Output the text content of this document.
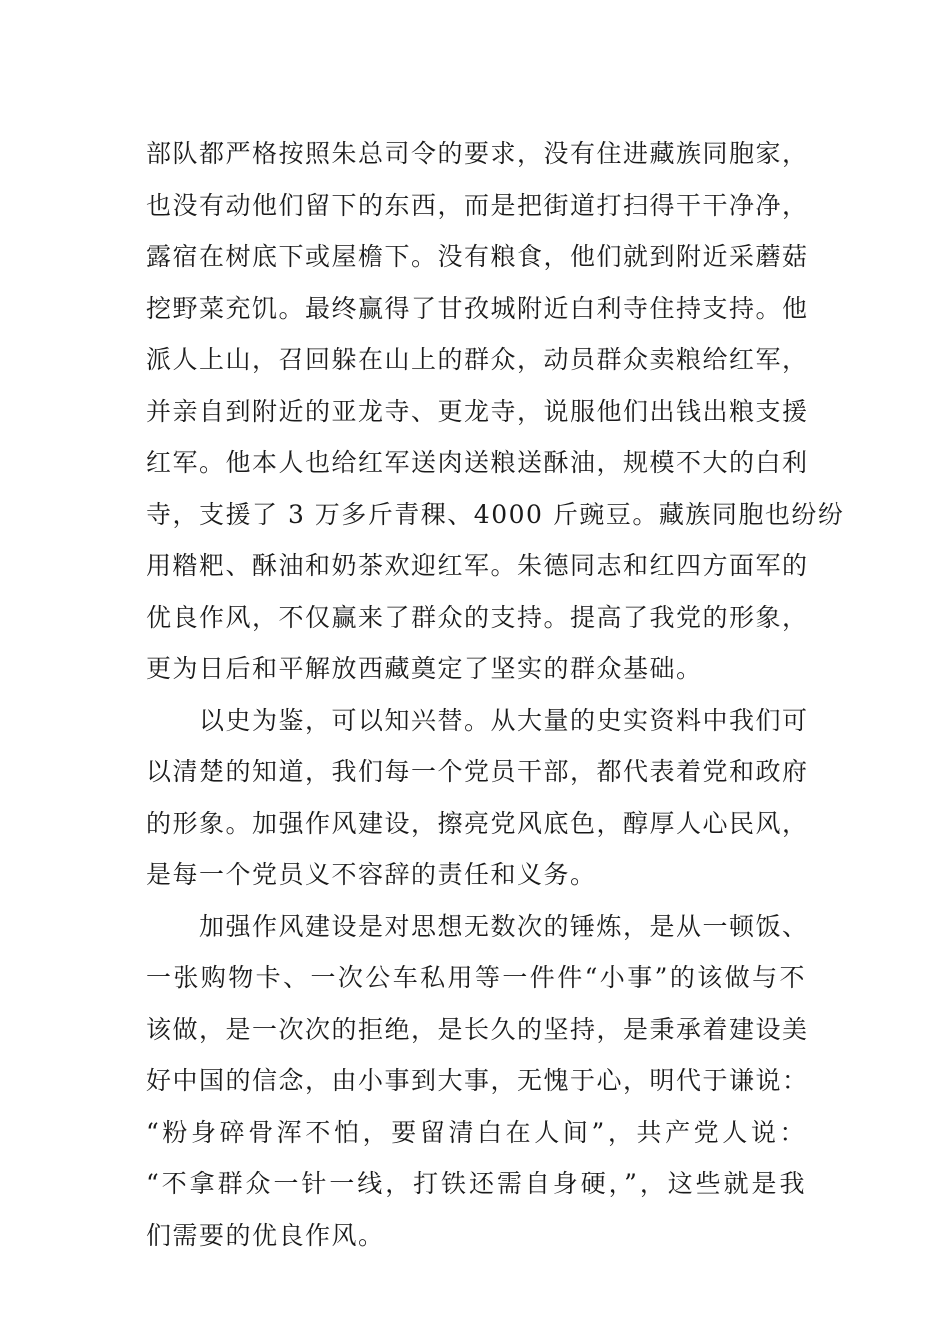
部队都严格按照朱总司令的要求，没有住进藏族同胞家，
也没有动他们留下的东西，而是把街道打扫得干干净净，
露宿在树底下或屋檐下。没有粮食，他们就到附近采蘑菇
挖野菜充饥。最终赢得了甘孜城附近白利寺住持支持。他
派人上山，召回躲在山上的群众，动员群众卖粮给红军，
并亲自到附近的亚龙寺、更龙寺，说服他们出钱出粮支援
红军。他本人也给红军送肉送粮送酥油，规模不大的白利
寺，支援了 3 万多斤青稞、4000 斤豌豆。藏族同胞也纷纷
用糌粑、酥油和奶茶欢迎红军。朱德同志和红四方面军的
优良作风，不仅赢来了群众的支持。提高了我党的形象，
更为日后和平解放西藏奠定了坚实的群众基础。
　　以史为鉴，可以知兴替。从大量的史实资料中我们可
以清楚的知道，我们每一个党员干部，都代表着党和政府
的形象。加强作风建设，擦亮党风底色，醇厚人心民风，
是每一个党员义不容辞的责任和义务。
　　加强作风建设是对思想无数次的锤炼，是从一顿饭、
一张购物卡、一次公车私用等一件件“小事”的该做与不
该做，是一次次的拒绝，是长久的坚持，是秉承着建设美
好中国的信念，由小事到大事，无愧于心，明代于谦说：
“粉身碎骨浑不怕，要留清白在人间”，共产党人说：
“不拿群众一针一线，打铁还需自身硬，”，这些就是我
们需要的优良作风。
